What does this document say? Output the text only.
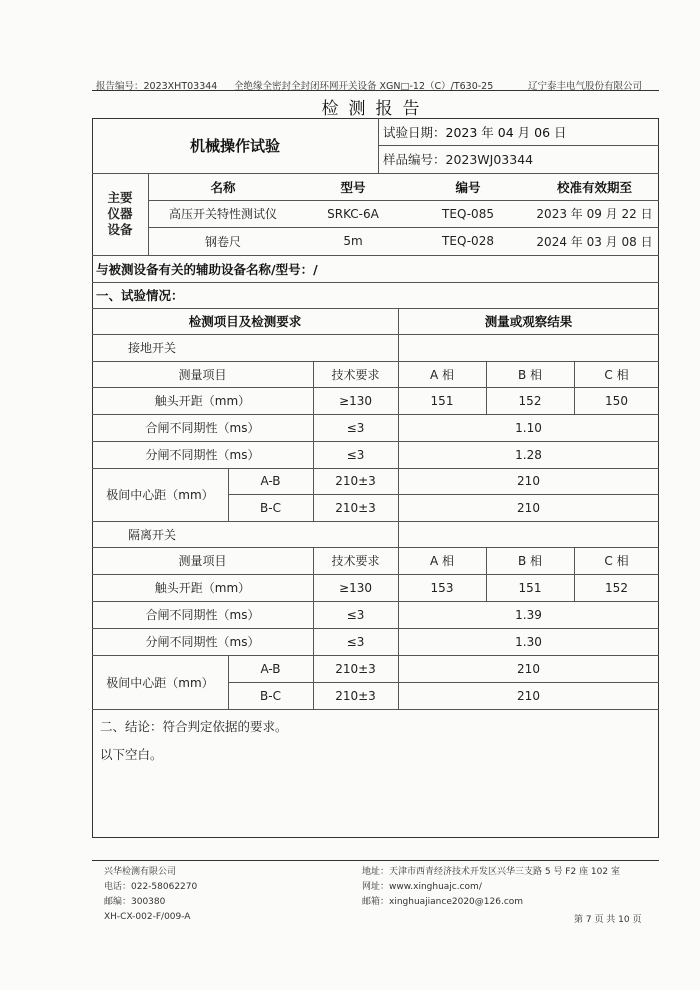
报告编号：2023XHT03344 全绝缘全密封全封闭环网开关设备 XGN□-12（C）/T630-25	辽宁泰丰电气股份有限公司
检测报告
机械操作试验
试验日期：2023 年 04 月 06 日
样品编号：2023WJ03344
主要
仪器
设备
名称	型号	编号	校准有效期至
高压开关特性测试仪	SRKC-6A	TEQ-085	2023 年 09 月 22 日
钢卷尺	5m	TEQ-028	2024 年 03 月 08 日
与被测设备有关的辅助设备名称/型号：/
一、试验情况：
检测项目及检测要求	测量或观察结果
接地开关
测量项目	技术要求	A 相	B 相	C 相
触头开距（mm）	≥130	151	152	150
合闸不同期性（ms）	≤3	1.10
分闸不同期性（ms）	≤3	1.28
极间中心距（mm）
A-B	210±3	210
B-C	210±3	210
隔离开关
测量项目	技术要求	A 相	B 相	C 相
触头开距（mm）	≥130	153	151	152
合闸不同期性（ms）	≤3	1.39
分闸不同期性（ms）	≤3	1.30
极间中心距（mm）
A-B	210±3	210
B-C	210±3	210
二、结论：符合判定依据的要求。
以下空白。
兴华检测有限公司
电话：022-58062270
邮编：300380
地址：天津市西青经济技术开发区兴华三支路 5 号 F2 座 102 室
网址：www.xinghuajc.com/
邮箱：xinghuajiance2020@126.com
XH-CX-002-F/009-A	第 7 页 共 10 页
